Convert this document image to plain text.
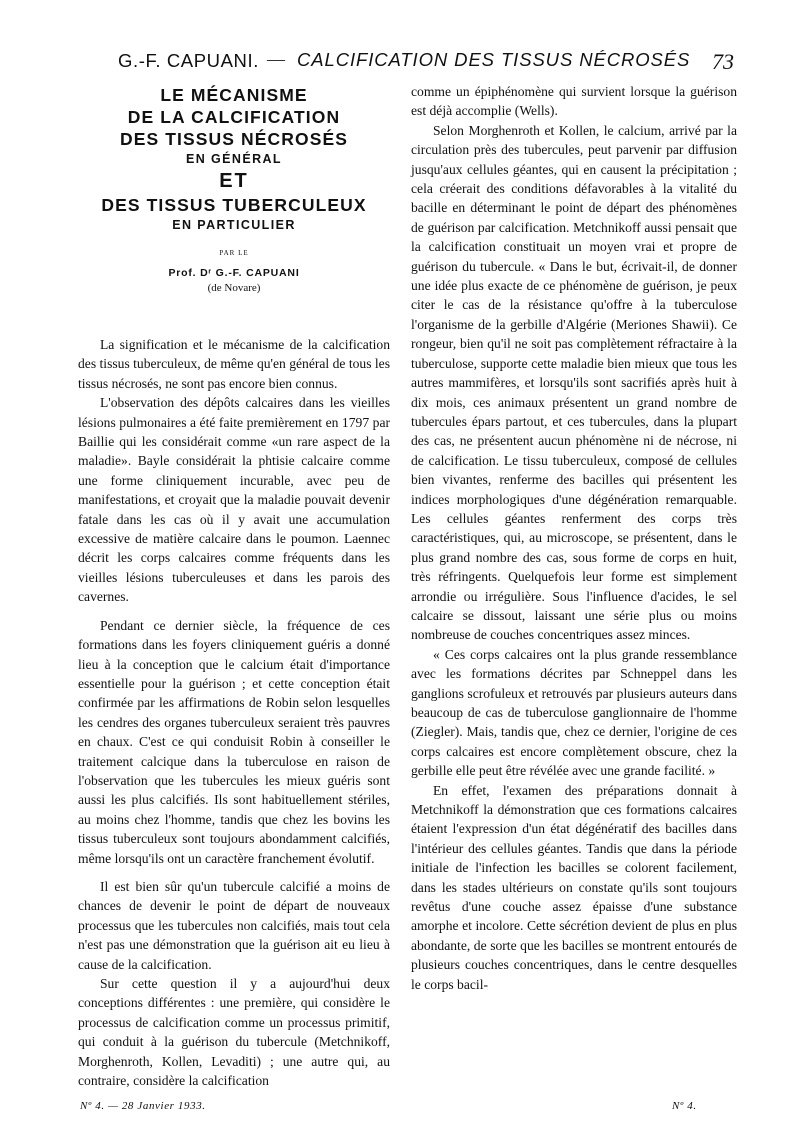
G.-F. CAPUANI. — CALCIFICATION DES TISSUS NÉCROSÉS 73
LE MÉCANISME
DE LA CALCIFICATION
DES TISSUS NÉCROSÉS
EN GÉNÉRAL
ET
DES TISSUS TUBERCULEUX
EN PARTICULIER
PAR LE
Prof. Dʳ G.-F. CAPUANI
(de Novare)

La signification et le mécanisme de la calcification des tissus tuberculeux, de même qu'en général de tous les tissus nécrosés, ne sont pas encore bien connus.

L'observation des dépôts calcaires dans les vieilles lésions pulmonaires a été faite premièrement en 1797 par Baillie qui les considérait comme «un rare aspect de la maladie». Bayle considérait la phtisie calcaire comme une forme cliniquement incurable, avec peu de manifestations, et croyait que la maladie pouvait devenir fatale dans les cas où il y avait une accumulation excessive de matière calcaire dans le poumon. Laennec décrit les corps calcaires comme fréquents dans les vieilles lésions tuberculeuses et dans les parois des cavernes.

Pendant ce dernier siècle, la fréquence de ces formations dans les foyers cliniquement guéris a donné lieu à la conception que le calcium était d'importance essentielle pour la guérison ; et cette conception était confirmée par les affirmations de Robin selon lesquelles les cendres des organes tuberculeux seraient très pauvres en chaux. C'est ce qui conduisit Robin à conseiller le traitement calcique dans la tuberculose en raison de l'observation que les tubercules les mieux guéris sont aussi les plus calcifiés. Ils sont habituellement stériles, au moins chez l'homme, tandis que chez les bovins les tissus tuberculeux sont toujours abondamment calcifiés, même lorsqu'ils ont un caractère franchement évolutif.

Il est bien sûr qu'un tubercule calcifié a moins de chances de devenir le point de départ de nouveaux processus que les tubercules non calcifiés, mais tout cela n'est pas une démonstration que la guérison ait eu lieu à cause de la calcification.

Sur cette question il y a aujourd'hui deux conceptions différentes : une première, qui considère le processus de calcification comme un processus primitif, qui conduit à la guérison du tubercule (Metchnikoff, Morghenroth, Kollen, Levaditi) ; une autre qui, au contraire, considère la calcification

comme un épiphénomène qui survient lorsque la guérison est déjà accomplie (Wells).

Selon Morghenroth et Kollen, le calcium, arrivé par la circulation près des tubercules, peut parvenir par diffusion jusqu'aux cellules géantes, qui en causent la précipitation ; cela créerait des conditions défavorables à la vitalité du bacille en déterminant le point de départ des phénomènes de guérison par calcification. Metchnikoff aussi pensait que la calcification constituait un moyen vrai et propre de guérison du tubercule. « Dans le but, écrivait-il, de donner une idée plus exacte de ce phénomène de guérison, je peux citer le cas de la résistance qu'offre à la tuberculose l'organisme de la gerbille d'Algérie (Meriones Shawii). Ce rongeur, bien qu'il ne soit pas complètement réfractaire à la tuberculose, supporte cette maladie bien mieux que tous les autres mammifères, et lorsqu'ils sont sacrifiés après huit à dix mois, ces animaux présentent un grand nombre de tubercules épars partout, et ces tubercules, dans la plupart des cas, ne présentent aucun phénomène ni de nécrose, ni de calcification. Le tissu tuberculeux, composé de cellules bien vivantes, renferme des bacilles qui présentent les indices morphologiques d'une dégénération remarquable. Les cellules géantes renferment des corps très caractéristiques, qui, au microscope, se présentent, dans le plus grand nombre des cas, sous forme de corps en huit, très réfringents. Quelquefois leur forme est simplement arrondie ou irrégulière. Sous l'influence d'acides, le sel calcaire se dissout, laissant une série plus ou moins nombreuse de couches concentriques assez minces.

« Ces corps calcaires ont la plus grande ressemblance avec les formations décrites par Schneppel dans les ganglions scrofuleux et retrouvés par plusieurs auteurs dans beaucoup de cas de tuberculose ganglionnaire de l'homme (Ziegler). Mais, tandis que, chez ce dernier, l'origine de ces corps calcaires est encore complètement obscure, chez la gerbille elle peut être révélée avec une grande facilité. »

En effet, l'examen des préparations donnait à Metchnikoff la démonstration que ces formations calcaires étaient l'expression d'un état dégénératif des bacilles dans l'intérieur des cellules géantes. Tandis que dans la période initiale de l'infection les bacilles se colorent facilement, dans les stades ultérieurs on constate qu'ils sont toujours revêtus d'une couche assez épaisse d'une substance amorphe et incolore. Cette sécrétion devient de plus en plus abondante, de sorte que les bacilles se montrent entourés de plusieurs couches concentriques, dans le centre desquelles le corps bacil-

Nº 4. — 28 Janvier 1933.	Nº 4.
